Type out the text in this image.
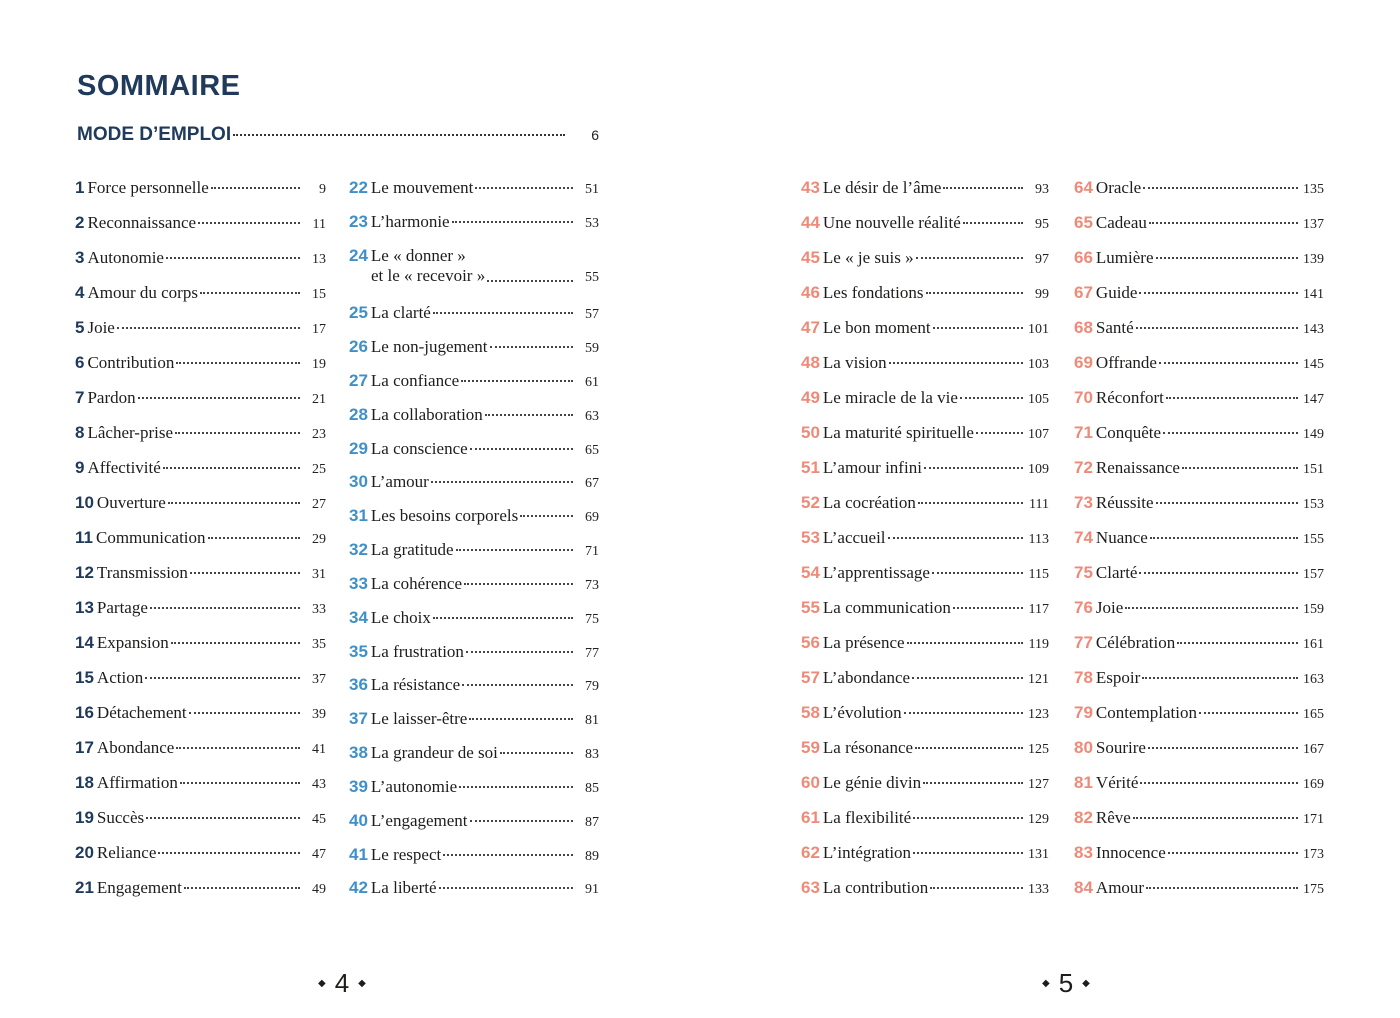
SOMMAIRE
MODE D’EMPLOI	6
1 Force personnelle	9
2 Reconnaissance	11
3 Autonomie	13
4 Amour du corps	15
5 Joie	17
6 Contribution	19
7 Pardon	21
8 Lâcher-prise	23
9 Affectivité	25
10 Ouverture	27
11 Communication	29
12 Transmission	31
13 Partage	33
14 Expansion	35
15 Action	37
16 Détachement	39
17 Abondance	41
18 Affirmation	43
19 Succès	45
20 Reliance	47
21 Engagement	49
22 Le mouvement	51
23 L’harmonie	53
24 Le « donner »
et le « recevoir »	55
25 La clarté	57
26 Le non-jugement	59
27 La confiance	61
28 La collaboration	63
29 La conscience	65
30 L’amour	67
31 Les besoins corporels	69
32 La gratitude	71
33 La cohérence	73
34 Le choix	75
35 La frustration	77
36 La résistance	79
37 Le laisser-être	81
38 La grandeur de soi	83
39 L’autonomie	85
40 L’engagement	87
41 Le respect	89
42 La liberté	91
◆ 4 ◆
43 Le désir de l’âme	93
44 Une nouvelle réalité	95
45 Le « je suis »	97
46 Les fondations	99
47 Le bon moment	101
48 La vision	103
49 Le miracle de la vie	105
50 La maturité spirituelle	107
51 L’amour infini	109
52 La cocréation	111
53 L’accueil	113
54 L’apprentissage	115
55 La communication	117
56 La présence	119
57 L’abondance	121
58 L’évolution	123
59 La résonance	125
60 Le génie divin	127
61 La flexibilité	129
62 L’intégration	131
63 La contribution	133
64 Oracle	135
65 Cadeau	137
66 Lumière	139
67 Guide	141
68 Santé	143
69 Offrande	145
70 Réconfort	147
71 Conquête	149
72 Renaissance	151
73 Réussite	153
74 Nuance	155
75 Clarté	157
76 Joie	159
77 Célébration	161
78 Espoir	163
79 Contemplation	165
80 Sourire	167
81 Vérité	169
82 Rêve	171
83 Innocence	173
84 Amour	175
◆ 5 ◆
